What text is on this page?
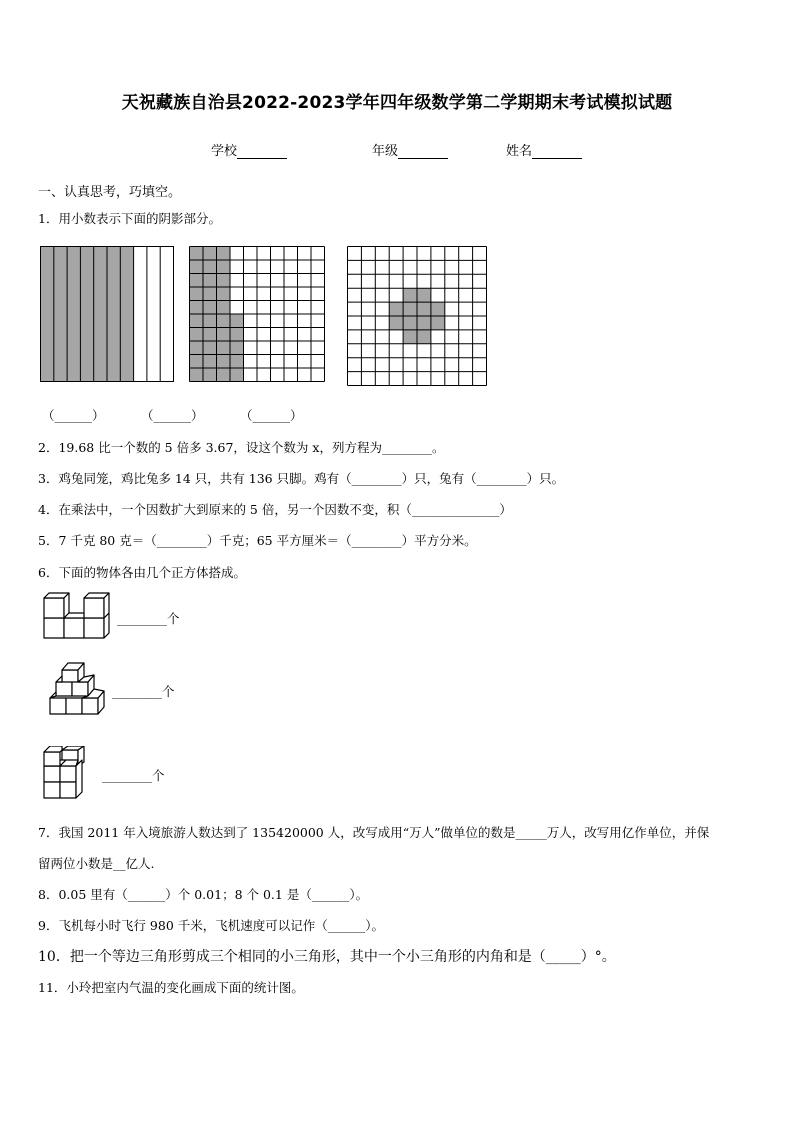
天祝藏族自治县2022-2023学年四年级数学第二学期期末考试模拟试题
学校	年级	姓名
一、认真思考，巧填空。
1．用小数表示下面的阴影部分。
（______）	（______）	（______）
2．19.68 比一个数的 5 倍多 3.67，设这个数为 x，列方程为________。
3．鸡兔同笼，鸡比兔多 14 只，共有 136 只脚。鸡有（________）只，兔有（________）只。
4．在乘法中，一个因数扩大到原来的 5 倍，另一个因数不变，积（______________）
5．7 千克 80 克＝（________）千克；65 平方厘米＝（________）平方分米。
6．下面的物体各由几个正方体搭成。
________个
________个
________个
7．我国 2011 年入境旅游人数达到了 135420000 人，改写成用“万人”做单位的数是_____万人，改写用亿作单位，并保
留两位小数是__亿人.
8．0.05 里有（______）个 0.01；8 个 0.1 是（______）。
9．飞机每小时飞行 980 千米，飞机速度可以记作（______）。
10．把一个等边三角形剪成三个相同的小三角形，其中一个小三角形的内角和是（_____）°。
11．小玲把室内气温的变化画成下面的统计图。
